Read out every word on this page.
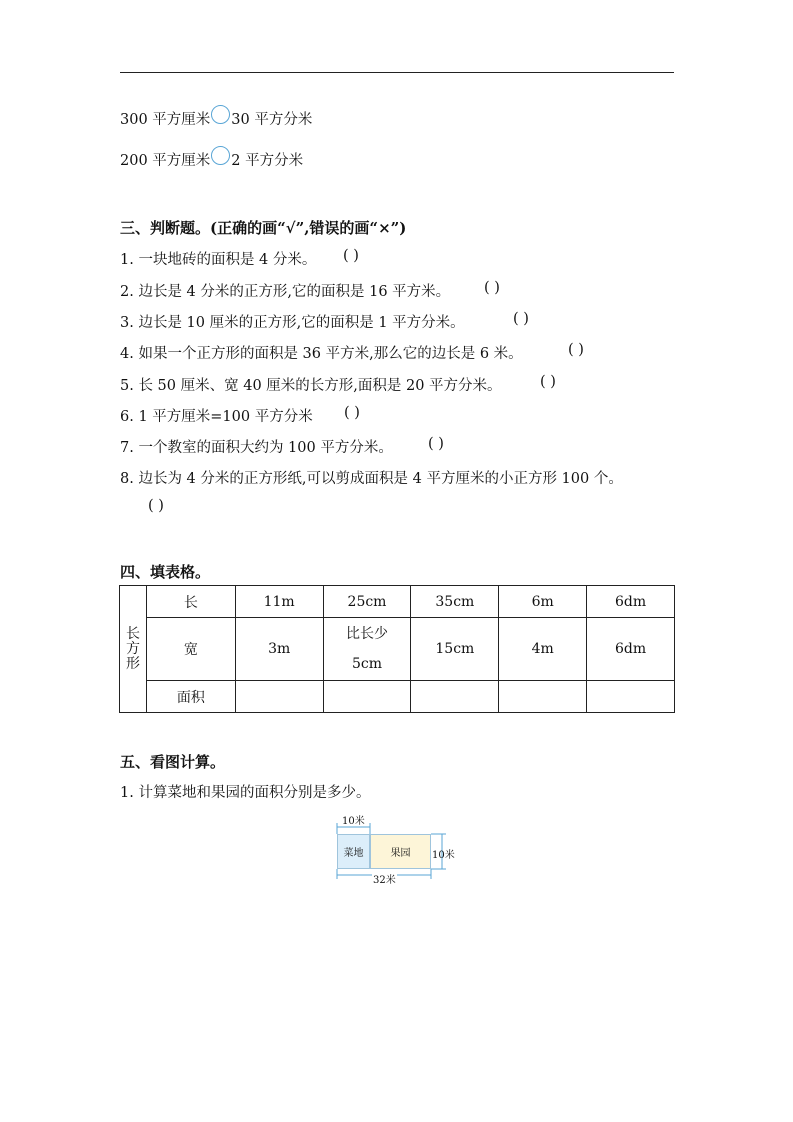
300 平方厘米 30 平方分米
200 平方厘米 2 平方分米
三、判断题。(正确的画“√”,错误的画“×”)
1. 一块地砖的面积是 4 分米。 ( )
2. 边长是 4 分米的正方形,它的面积是 16 平方米。 ( )
3. 边长是 10 厘米的正方形,它的面积是 1 平方分米。	( )
4. 如果一个正方形的面积是 36 平方米,那么它的边长是 6 米。	( )
5. 长 50 厘米、宽 40 厘米的长方形,面积是 20 平方分米。	( )
6. 1 平方厘米=100 平方分米 ( )
7. 一个教室的面积大约为 100 平方分米。 ( )
8. 边长为 4 分米的正方形纸,可以剪成面积是 4 平方厘米的小正方形 100 个。
( )
四、填表格。
长
方
形	长	11m	25cm	35cm	6m	6dm
	宽	3m	比长少
5cm	15cm	4m	6dm
	面积					
五、看图计算。
1. 计算菜地和果园的面积分别是多少。
10米
菜地	果园 10米
32米
